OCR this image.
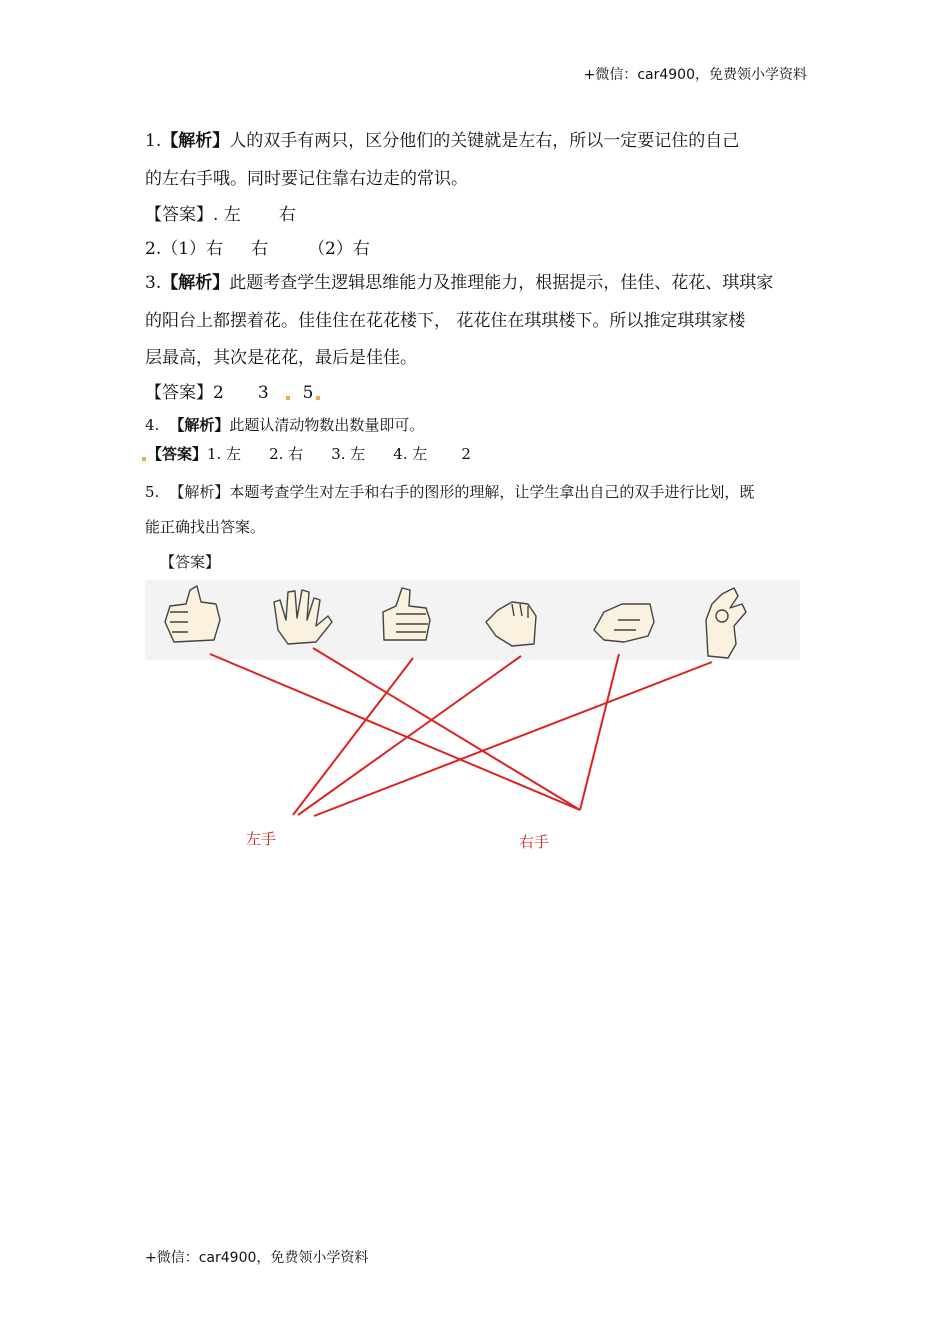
+微信：car4900，免费领小学资料
1.【解析】人的双手有两只，区分他们的关键就是左右，所以一定要记住的自己
的左右手哦。同时要记住靠右边走的常识。
【答案】. 左 右
2.（1）右 右 （2）右
3.【解析】此题考查学生逻辑思维能力及推理能力，根据提示，佳佳、花花、琪琪家
的阳台上都摆着花。佳佳住在花花楼下， 花花住在琪琪楼下。所以推定琪琪家楼
层最高，其次是花花，最后是佳佳。
【答案】2 3 5
4. 【解析】此题认清动物数出数量即可。
【答案】1. 左 2. 右 3. 左 4. 左 2
5. 【解析】本题考查学生对左手和右手的图形的理解，让学生拿出自己的双手进行比划，既
能正确找出答案。
【答案】
左手	右手
+微信：car4900，免费领小学资料
